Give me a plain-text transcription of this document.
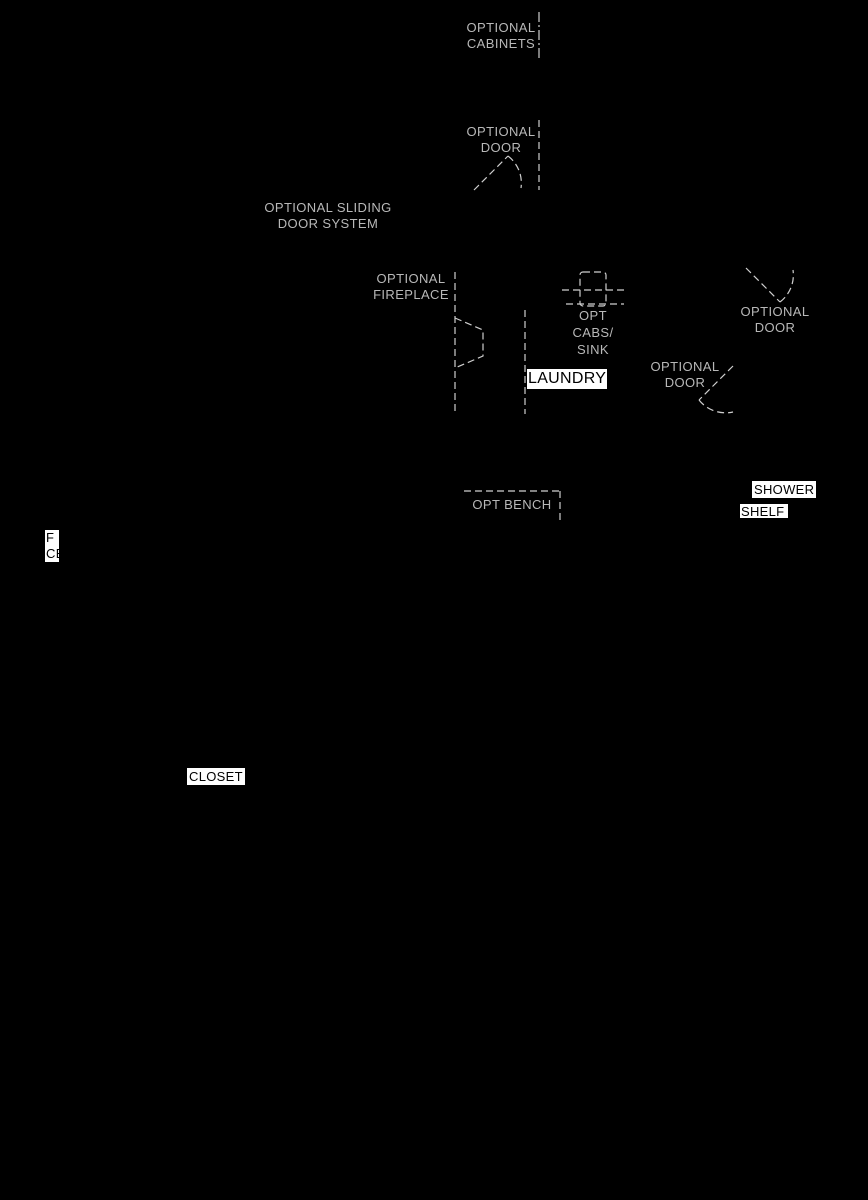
OPTIONAL
CABINETS
OPTIONAL
DOOR
OPTIONAL SLIDING
DOOR SYSTEM
OPTIONAL
FIREPLACE
OPT
CABS/
SINK
OPTIONAL
DOOR
OPTIONAL
DOOR
LAUNDRY
OPT BENCH
SHOWER
SHELF
F
CE
CLOSET
